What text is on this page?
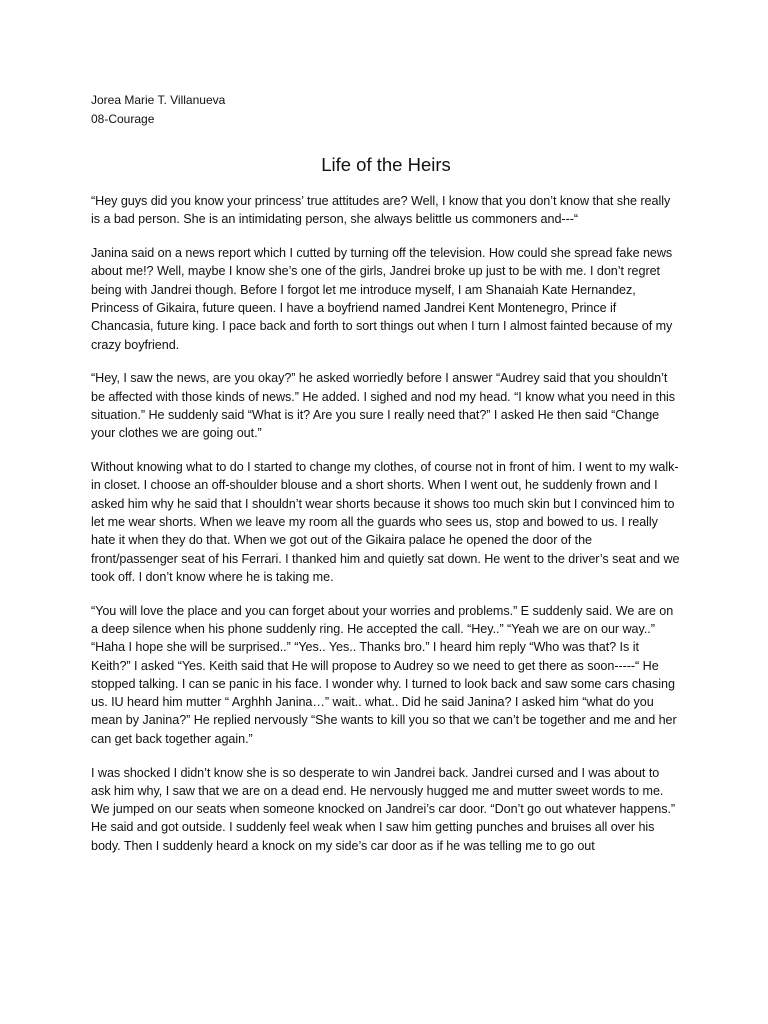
Jorea Marie T. Villanueva

08-Courage

Life of the Heirs

“Hey guys did you know your princess’ true attitudes are? Well, I know that you don’t know that she really is a bad person. She is an intimidating person, she always belittle us commoners and---“

Janina said on a news report which I cutted by turning off the television. How could she spread fake news about me!? Well, maybe I know she’s one of the girls, Jandrei broke up just to be with me. I don’t regret being with Jandrei though. Before I forgot let me introduce myself, I am Shanaiah Kate Hernandez, Princess of Gikaira, future queen. I have a boyfriend named Jandrei Kent Montenegro, Prince if Chancasia, future king. I pace back and forth to sort things out when I turn I almost fainted because of my crazy boyfriend.

“Hey, I saw the news, are you okay?” he asked worriedly before I answer “Audrey said that you shouldn’t be affected with those kinds of news.” He added. I sighed and nod my head. “I know what you need in this situation.” He suddenly said “What is it? Are you sure I really need that?” I asked He then said “Change your clothes we are going out.”

Without knowing what to do I started to change my clothes, of course not in front of him. I went to my walk-in closet. I choose an off-shoulder blouse and a short shorts. When I went out, he suddenly frown and I asked him why he said that I shouldn’t wear shorts because it shows too much skin but I convinced him to let me wear shorts. When we leave my room all the guards who sees us, stop and bowed to us. I really hate it when they do that. When we got out of the Gikaira palace he opened the door of the front/passenger seat of his Ferrari. I thanked him and quietly sat down. He went to the driver’s seat and we took off. I don’t know where he is taking me.

“You will love the place and you can forget about your worries and problems.” E suddenly said. We are on a deep silence when his phone suddenly ring. He accepted the call. “Hey..” “Yeah we are on our way..” “Haha I hope she will be surprised..” “Yes.. Yes.. Thanks bro.” I heard him reply “Who was that? Is it Keith?” I asked “Yes. Keith said that He will propose to Audrey so we need to get there as soon-----“ He stopped talking. I can se panic in his face. I wonder why. I turned to look back and saw some cars chasing us. IU heard him mutter “ Arghhh Janina…” wait.. what.. Did he said Janina? I asked him “what do you mean by Janina?” He replied nervously “She wants to kill you so that we can’t be together and me and her can get back together again.”

I was shocked I didn’t know she is so desperate to win Jandrei back. Jandrei cursed and I was about to ask him why, I saw that we are on a dead end. He nervously hugged me and mutter sweet words to me. We jumped on our seats when someone knocked on Jandrei’s car door. “Don’t go out whatever happens.” He said and got outside. I suddenly feel weak when I saw him getting punches and bruises all over his body. Then I suddenly heard a knock on my side’s car door as if he was telling me to go out
